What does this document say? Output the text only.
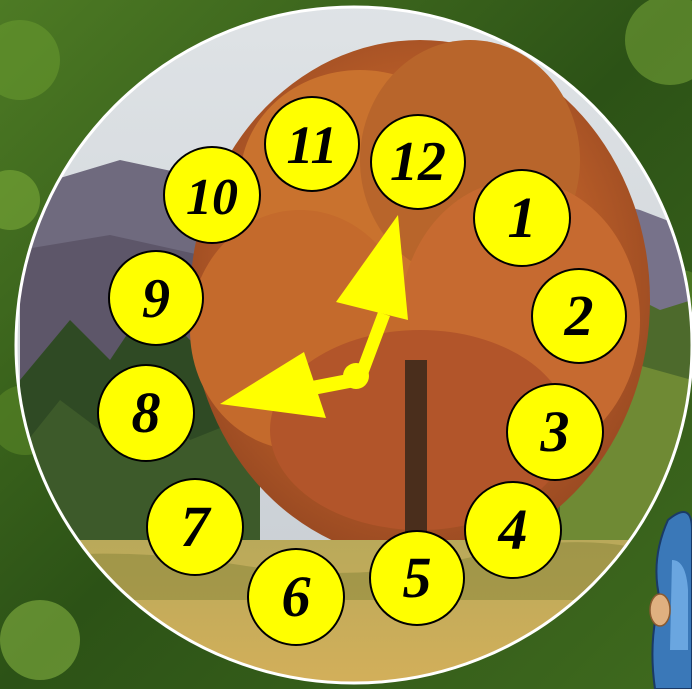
12
1
2
3
4
5
6
7
8
9
10
11
